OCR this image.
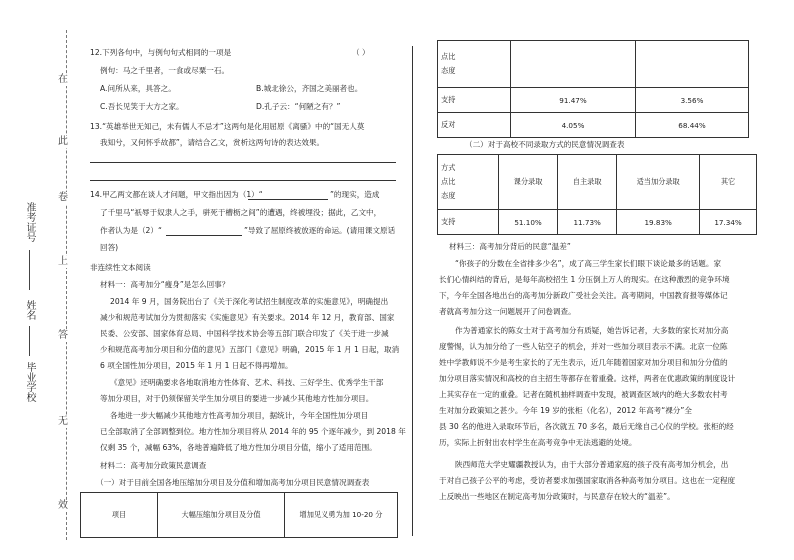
在
此
卷
上
答
无
效
准考证号
姓名
毕业学校
12.下列各句中，与例句句式相同的一项是	（ ）
例句：马之千里者，一食或尽粟一石。
A.问所从来，具答之。	B.城北徐公，齐国之美丽者也。
C.吾长见笑于大方之家。	D.孔子云：“何陋之有？”
13.“英雄举世无知己，未有儒人不忌才”这两句是化用屈原《离骚》中的“国无人莫
我知兮，又何怀乎故都”，请结合乙文，赏析这两句诗的表达效果。
14.甲乙两文都在谈人才问题，甲文指出因为（1）“	”的现实，造成
了千里马“祇辱于奴隶人之手，骈死于槽枥之间”的遭遇，终被埋没；据此，乙文中，
作者认为是（2）“	”导致了屈原终被放逐的命运。(请用课文原话
回答)
非连续性文本阅读
材料一：高考加分“瘦身”是怎么回事？
2014 年 9 月，国务院出台了《关于深化考试招生制度改革的实施意见》，明确提出
减少和规范考试加分为贯彻落实《实施意见》有关要求。2014 年 12 月，教育部、国家
民委、公安部、国家体育总局、中国科学技术协会等五部门联合印发了《关于进一步减
少和规范高考加分项目和分值的意见》五部门《意见》明确，2015 年 1 月 1 日起，取消
6 项全国性加分项目，2015 年 1 月 1 日起不得再增加。
《意见》还明确要求各地取消地方性体育、艺术、科技、三好学生、优秀学生干部
等加分项目，对于仍须保留关学生加分项目的要进一步减少其他地方性加分项目。
各地进一步大幅减少其他地方性高考加分项目，据统计，今年全国性加分项目
已全部取消了全部调整到位。地方性加分项目将从 2014 年的 95 个逐年减少，到 2018 年
仅剩 35 个，减幅 63%，各地普遍降低了地方性加分项目分值，缩小了适用范围。
材料二：高考加分政策民意调查
（一）对于目前全国各地压缩加分项目及分值和增加高考加分项目民意情况调查表
项目	大幅压缩加分项目及分值	增加见义勇为加 10-20 分
点比
态度		
支持	91.47%	3.56%
反对	4.05%	68.44%
（二）对于高校不同录取方式的民意情况调查表
方式
点比
态度	课分录取	自主录取	适当加分录取	其它
支持	51.10%	11.73%	19.83%	17.34%
材料三：高考加分背后的民意“温差”
“你孩子的分数在全省排多少名”，成了高三学生家长们眼下谈论最多的话题。家
长们心情纠结的背后，是每年高校招生 1 分压倒上万人的现实。在这种激烈的竞争环境
下，今年全国各地出台的高考加分新政广受社会关注。高考期间，中国教育报等媒体记
者就高考加分这一问题展开了问卷调查。
作为普通家长的陈女士对于高考加分有质疑，她告诉记者，大多数的家长对加分高
度警惕，认为加分给了一些人钻空子的机会，并对一些加分项目表示不满。北京一位陈
姓中学教师说不少是考生家长的了无生表示，近几年随着国家对加分项目和加分分值的
加分项目落实情况和高校的自主招生等都存在着重叠。这样，两者在优惠政策的制度设计
上其实存在一定的重叠。记者在随机抽样调查中发现，被调查区域内的绝大多数农村考
生对加分政策知之甚少。今年 19 岁的张柜（化名），2012 年高考“裸分”全
县 30 名的他进入录取环节后，各次就五 70 多名，最后无缘自己心仪的学校。张柜的经
历，实际上折射出农村学生在高考竞争中无法逃避的处境。
陕西师范大学史耀疆教授认为，由于大部分普通家庭的孩子没有高考加分机会，出
于对自己孩子公平的考虑，受访者要求加强国家取消各种高考加分项目。这也在一定程度
上反映出一些地区在制定高考加分政策时，与民意存在较大的“温差”。
